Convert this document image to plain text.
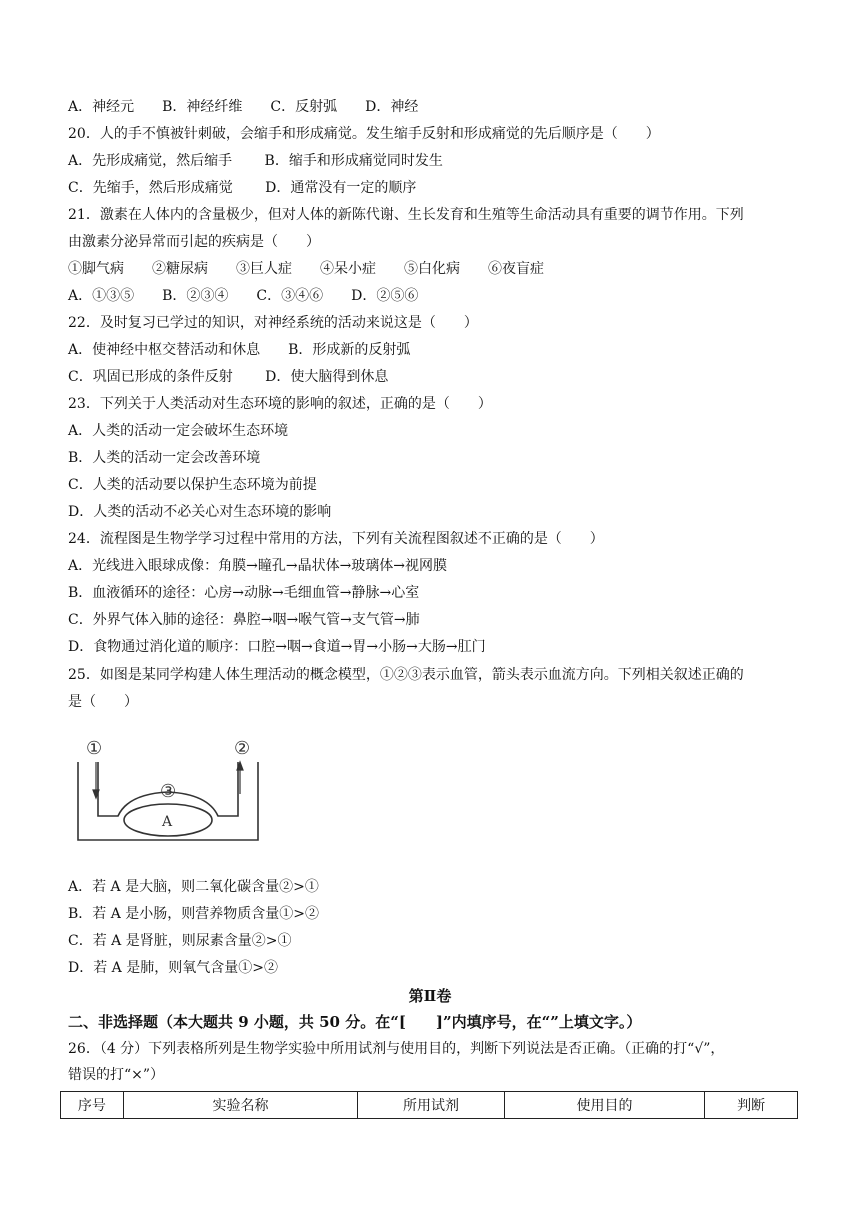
A．神经元　　B．神经纤维　　C．反射弧　　D．神经
20．人的手不慎被针刺破，会缩手和形成痛觉。发生缩手反射和形成痛觉的先后顺序是（　　）
A．先形成痛觉，然后缩手　　 B．缩手和形成痛觉同时发生
C．先缩手，然后形成痛觉　　 D．通常没有一定的顺序
21．激素在人体内的含量极少，但对人体的新陈代谢、生长发育和生殖等生命活动具有重要的调节作用。下列
由激素分泌异常而引起的疾病是（　　）
①脚气病　　②糖尿病　　③巨人症　　④呆小症　　⑤白化病　　⑥夜盲症
A．①③⑤　　B．②③④　　C．③④⑥　　D．②⑤⑥
22．及时复习已学过的知识，对神经系统的活动来说这是（　　）
A．使神经中枢交替活动和休息　　B．形成新的反射弧
C．巩固已形成的条件反射　　 D．使大脑得到休息
23．下列关于人类活动对生态环境的影响的叙述，正确的是（　　）
A．人类的活动一定会破坏生态环境
B．人类的活动一定会改善环境
C．人类的活动要以保护生态环境为前提
D．人类的活动不必关心对生态环境的影响
24．流程图是生物学学习过程中常用的方法，下列有关流程图叙述不正确的是（　　）
A．光线进入眼球成像：角膜→瞳孔→晶状体→玻璃体→视网膜
B．血液循环的途径：心房→动脉→毛细血管→静脉→心室
C．外界气体入肺的途径：鼻腔→咽→喉气管→支气管→肺
D．食物通过消化道的顺序：口腔→咽→食道→胃→小肠→大肠→肛门
25．如图是某同学构建人体生理活动的概念模型，①②③表示血管，箭头表示血流方向。下列相关叙述正确的
是（　　）
①	②
③
A
A．若 A 是大脑，则二氧化碳含量②>①
B．若 A 是小肠，则营养物质含量①>②
C．若 A 是肾脏，则尿素含量②>①
D．若 A 是肺，则氧气含量①>②
第Ⅱ卷
二、非选择题（本大题共 9 小题，共 50 分。在“[　　]”内填序号，在“”上填文字。）
26．（4 分）下列表格所列是生物学实验中所用试剂与使用目的，判断下列说法是否正确。（正确的打“√”，
错误的打“×”）
序号	实验名称	所用试剂	使用目的	判断
